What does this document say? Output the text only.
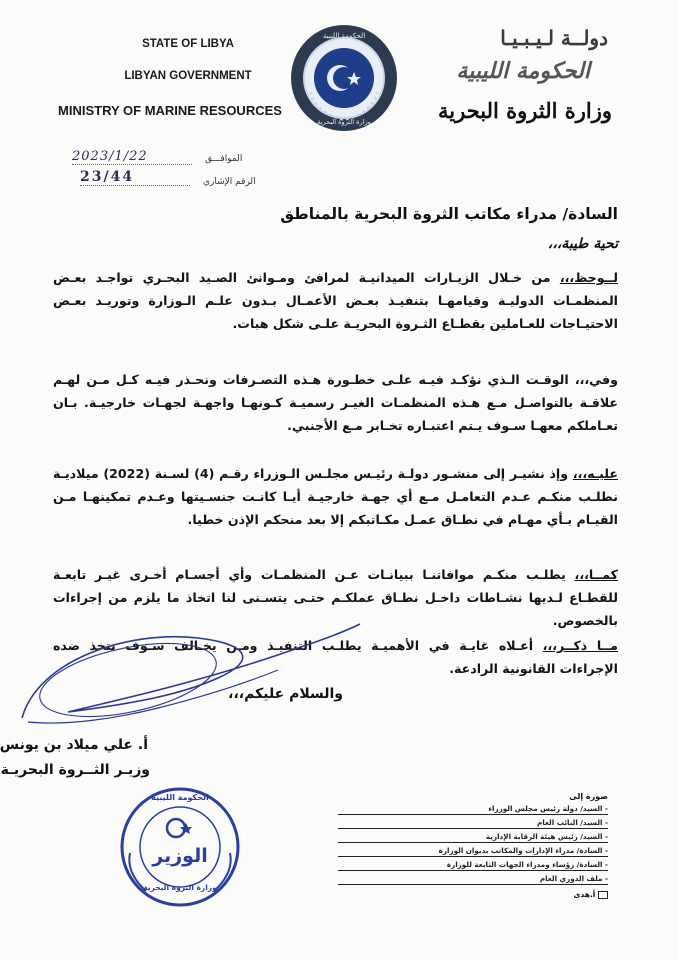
STATE OF LIBYA
LIBYAN GOVERNMENT
MINISTRY OF MARINE RESOURCES
الحكومة الليبية
وزارة الثروة البحرية
دولــة لـيـبـيـا
الحكومة الليبية
وزارة الثروة البحرية
الموافـــق
2023/1/22
الرقم الإشاري
23/44
السادة/ مدراء مكاتب الثروة البحرية بالمناطق
تحية طيبة،،،
لــوحظ،،، من خـلال الزيـارات الميدانيـة لمرافئ ومـوانئ الصـيد البحـري تواجـد بعـض المنظمـات الدوليـة وقيامهـا بتنفيـذ بعـض الأعمـال بـدون علـم الـوزارة وتوريـد بعـض الاحتيـاجات للعـاملين بقطـاع الثـروة البحريـة علـى شكل هبات.
وفي،،، الوقـت الـذي نؤكـد فيـه علـى خطـورة هـذه التصـرفات ونحـذر فيـه كـل مـن لهـم علاقـة بالتواصـل مـع هـذه المنظمـات الغيـر رسميـة كـونهـا واجهـة لجهـات خارجيـة. بـان تعـاملكم معهـا سـوف يـتم اعتبـاره تخـابر مـع الأجنبي.
عليـه،،، وإذ نشيـر إلى منشـور دولـة رئيـس مجلـس الـوزراء رقـم (4) لسـنة (2022) ميلاديـة نطلـب منكـم عـدم التعامـل مـع أي جهـة خارجيـة أيـا كانـت جنسـيتها وعـدم تمكينهـا مـن القيـام بـأي مهـام في نطـاق عمـل مكـاتبكم إلا بعد منحكم الإذن خطيا.
كمــا،،، يطلـب منكـم موافاتنـا ببيانـات عـن المنظمـات وأي أجسـام أخـرى غيـر تابعـة للقطـاع لـديها نشـاطات داخـل نطـاق عملكـم حتـى يتسـنى لنا اتخاذ ما يلزم من إجراءات بالخصوص.
مــا ذكــر،،، أعـلاه غايـة في الأهميـة يطلـب التنفيـذ ومـن يخـالف سـوف نتخذ ضده الإجراءات القانونية الرادعة.
والسلام عليكم،،،
أ. علي ميلاد بن يونس
وزيـر الثــروة البحريـة
الحكومة الليبية
الوزير
وزارة الثروة البحرية
صورة إلى
- السيد/ دولة رئيس مجلس الوزراء
- السيد/ النائب العام
- السيد/ رئيس هيئة الرقابة الإدارية
- السادة/ مدراء الإدارات والمكاتب بديوان الوزارة
- السادة/ رؤساء ومدراء الجهات التابعة للوزارة
- ملف الدوري العام
أ.هدى
